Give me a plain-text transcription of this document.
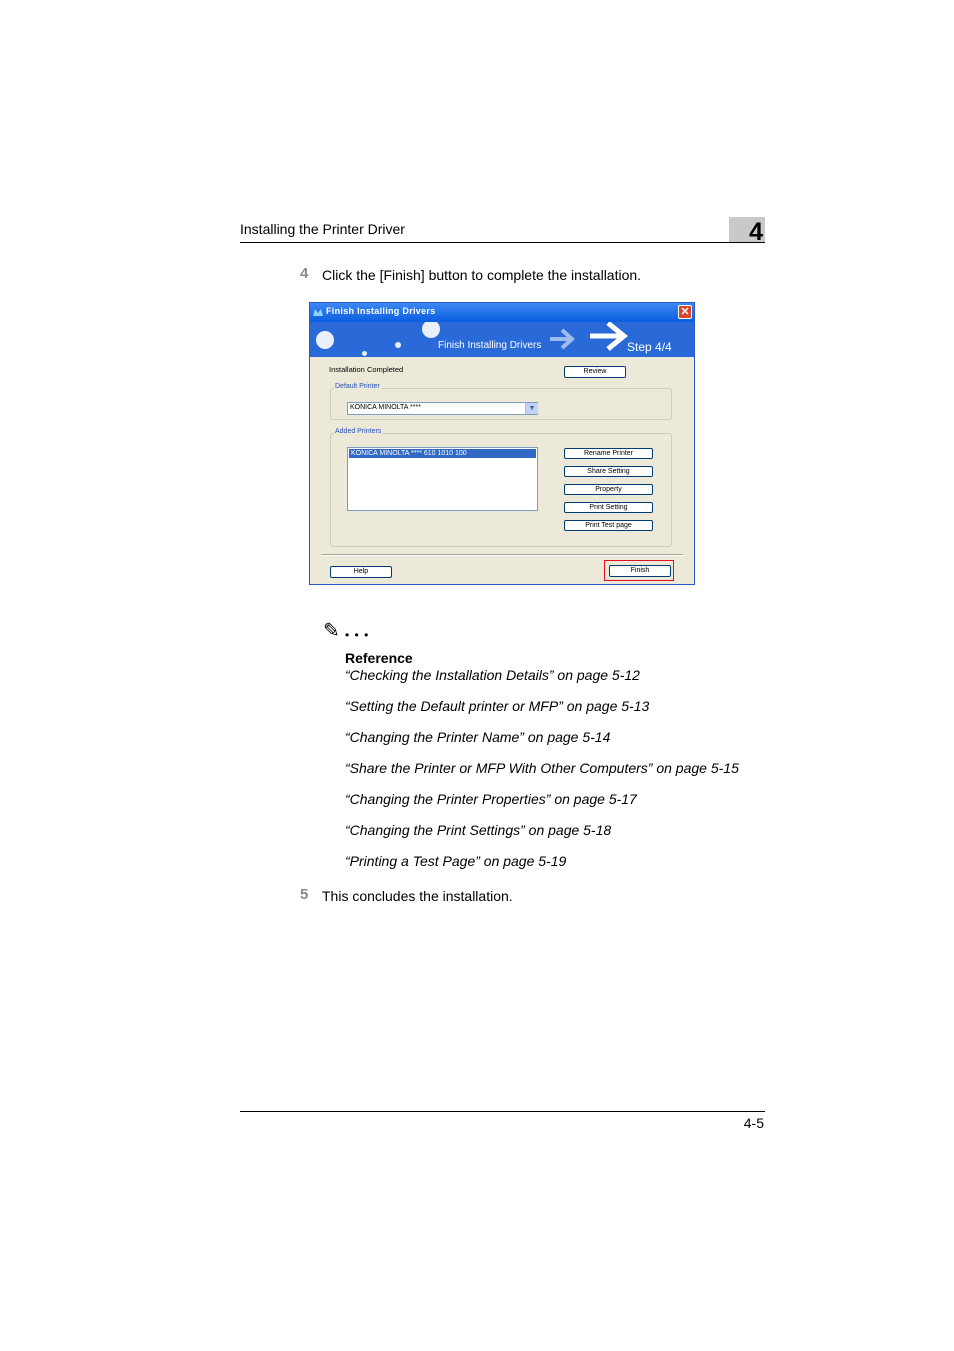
Installing the Printer Driver	4
4 Click the [Finish] button to complete the installation.
Finish Installing Drivers	✕
Finish Installing Drivers	Step 4/4
Installation Completed	Review
Default Printer
KONICA MINOLTA ****	▼
Added Printers
KONICA MINOLTA **** 610 1010 100	Rename Printer
Share Setting
Property
Print Setting
Print Test page
Help	Finish
✎ • • •
Reference
“Checking the Installation Details” on page 5-12
“Setting the Default printer or MFP” on page 5-13
“Changing the Printer Name” on page 5-14
“Share the Printer or MFP With Other Computers” on page 5-15
“Changing the Printer Properties” on page 5-17
“Changing the Print Settings” on page 5-18
“Printing a Test Page” on page 5-19
5 This concludes the installation.
4-5
